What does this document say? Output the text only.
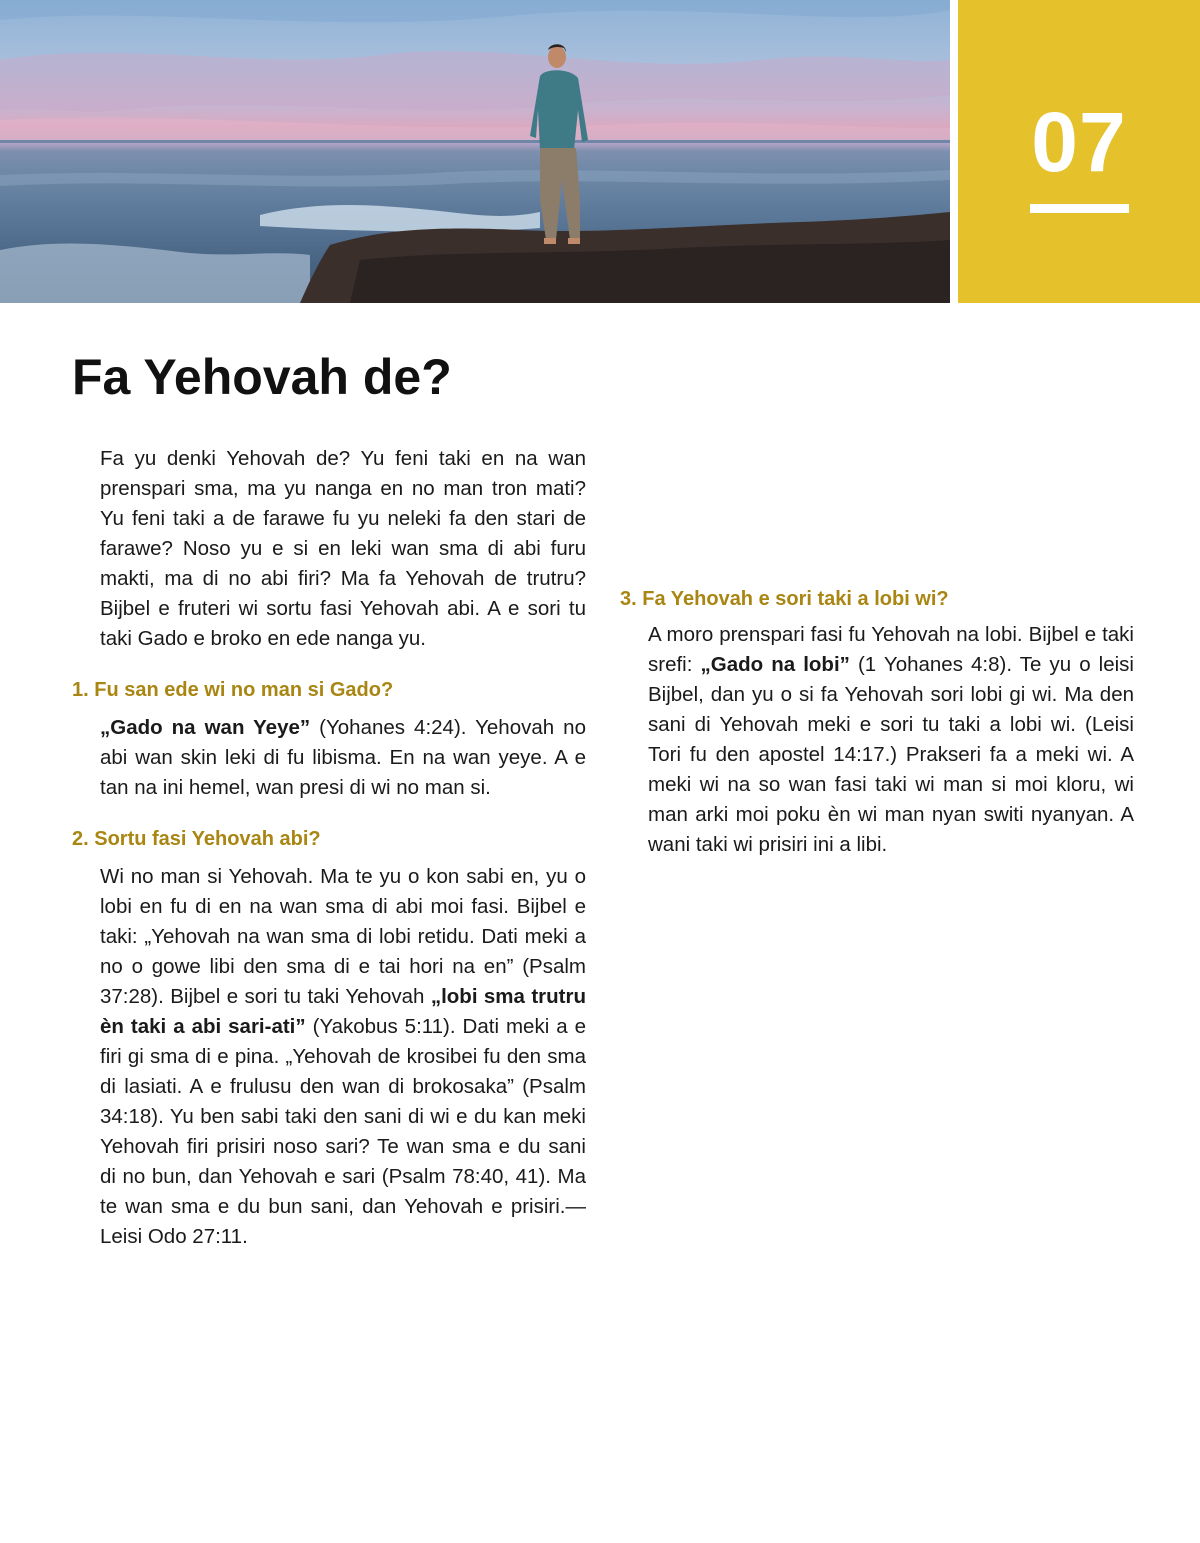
07
Fa Yehovah de?

Fa yu denki Yehovah de? Yu feni taki en na wan prenspari sma, ma yu nanga en no man tron mati? Yu feni taki a de farawe fu yu neleki fa den stari de farawe? Noso yu e si en leki wan sma di abi furu makti, ma di no abi firi? Ma fa Yehovah de trutru? Bijbel e fruteri wi sortu fasi Yehovah abi. A e sori tu taki Gado e broko en ede nanga yu.

1. Fu san ede wi no man si Gado?

„Gado na wan Yeye” (Yohanes 4:24). Yehovah no abi wan skin leki di fu libisma. En na wan yeye. A e tan na ini hemel, wan presi di wi no man si.

2. Sortu fasi Yehovah abi?

Wi no man si Yehovah. Ma te yu o kon sabi en, yu o lobi en fu di en na wan sma di abi moi fasi. Bijbel e taki: „Yehovah na wan sma di lobi retidu. Dati meki a no o gowe libi den sma di e tai hori na en” (Psalm 37:28). Bijbel e sori tu taki Yehovah „lobi sma trutru èn taki a abi sari-ati” (Yakobus 5:11). Dati meki a e firi gi sma di e pina. „Yehovah de krosibei fu den sma di lasiati. A e frulusu den wan di brokosaka” (Psalm 34:18). Yu ben sabi taki den sani di wi e du kan meki Yehovah firi prisiri noso sari? Te wan sma e du sani di no bun, dan Yehovah e sari (Psalm 78:40, 41). Ma te wan sma e du bun sani, dan Yehovah e prisiri.—Leisi Odo 27:11.

3. Fa Yehovah e sori taki a lobi wi?

A moro prenspari fasi fu Yehovah na lobi. Bijbel e taki srefi: „Gado na lobi” (1 Yohanes 4:8). Te yu o leisi Bijbel, dan yu o si fa Yehovah sori lobi gi wi. Ma den sani di Yehovah meki e sori tu taki a lobi wi. (Leisi Tori fu den apostel 14:17.) Prakseri fa a meki wi. A meki wi na so wan fasi taki wi man si moi kloru, wi man arki moi poku èn wi man nyan switi nyanyan. A wani taki wi prisiri ini a libi.
